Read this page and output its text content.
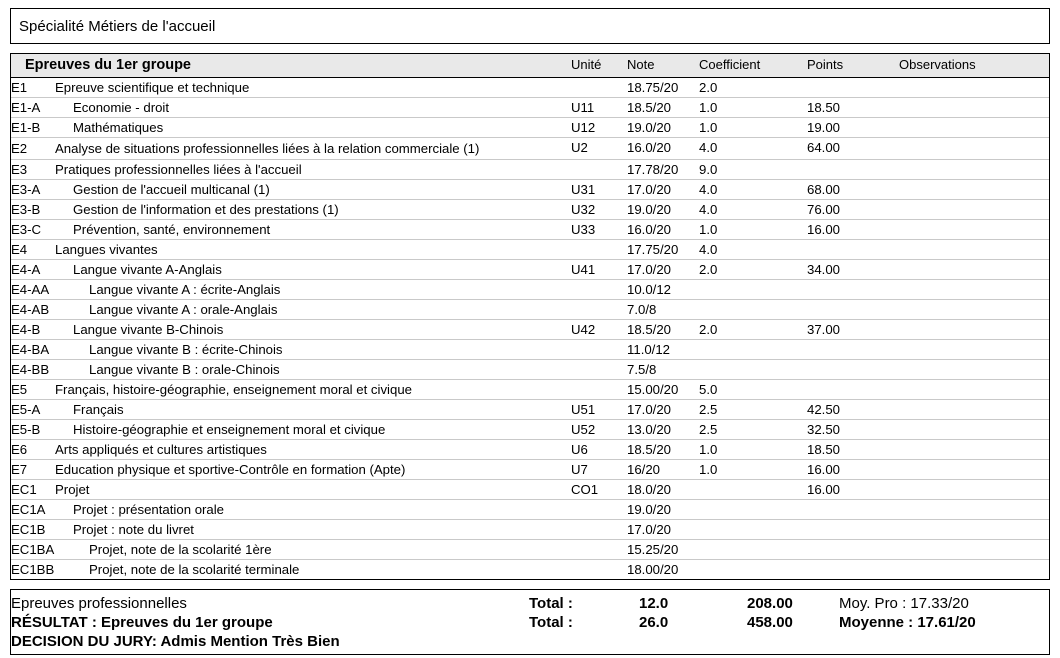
Spécialité Métiers de l'accueil
Epreuves du 1er groupe	Unité	Note	Coefficient	Points	Observations
E1 Epreuve scientifique et technique		18.75/20	2.0		
E1-A Economie - droit	U11	18.5/20	1.0	18.50	
E1-B Mathématiques	U12	19.0/20	1.0	19.00	
E2 Analyse de situations professionnelles liées à la relation commerciale (1)	U2	16.0/20	4.0	64.00	
E3 Pratiques professionnelles liées à l'accueil		17.78/20	9.0		
E3-A Gestion de l'accueil multicanal (1)	U31	17.0/20	4.0	68.00	
E3-B Gestion de l'information et des prestations (1)	U32	19.0/20	4.0	76.00	
E3-C Prévention, santé, environnement	U33	16.0/20	1.0	16.00	
E4 Langues vivantes		17.75/20	4.0		
E4-A Langue vivante A-Anglais	U41	17.0/20	2.0	34.00	
E4-AA Langue vivante A : écrite-Anglais		10.0/12			
E4-AB Langue vivante A : orale-Anglais		7.0/8			
E4-B Langue vivante B-Chinois	U42	18.5/20	2.0	37.00	
E4-BA Langue vivante B : écrite-Chinois		11.0/12			
E4-BB Langue vivante B : orale-Chinois		7.5/8			
E5 Français, histoire-géographie, enseignement moral et civique		15.00/20	5.0		
E5-A Français	U51	17.0/20	2.5	42.50	
E5-B Histoire-géographie et enseignement moral et civique	U52	13.0/20	2.5	32.50	
E6 Arts appliqués et cultures artistiques	U6	18.5/20	1.0	18.50	
E7 Education physique et sportive-Contrôle en formation (Apte)	U7	16/20	1.0	16.00	
EC1 Projet	CO1	18.0/20		16.00	
EC1A Projet : présentation orale		19.0/20			
EC1B Projet : note du livret		17.0/20			
EC1BA Projet, note de la scolarité 1ère		15.25/20			
EC1BB Projet, note de la scolarité terminale		18.00/20			
Epreuves professionnelles	Total :	12.0	208.00	Moy. Pro : 17.33/20
RÉSULTAT : Epreuves du 1er groupe	Total :	26.0	458.00	Moyenne : 17.61/20
DECISION DU JURY: Admis Mention Très Bien				
